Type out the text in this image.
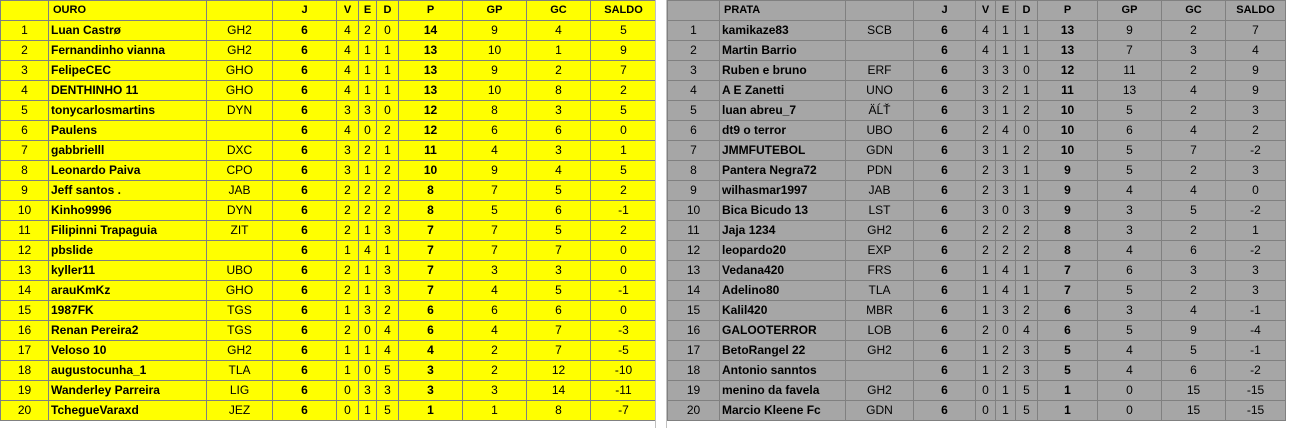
	OURO		J	V	E	D	P	GP	GC	SALDO
1	Luan Castrø	GH2	6	4	2	0	14	9	4	5
2	Fernandinho vianna	GH2	6	4	1	1	13	10	1	9
3	FelipeCEC	GHO	6	4	1	1	13	9	2	7
4	DENTHINHO 11	GHO	6	4	1	1	13	10	8	2
5	tonycarlosmartins	DYN	6	3	3	0	12	8	3	5
6	Paulens		6	4	0	2	12	6	6	0
7	gabbrielll	DXC	6	3	2	1	11	4	3	1
8	Leonardo Paiva	CPO	6	3	1	2	10	9	4	5
9	Jeff santos .	JAB	6	2	2	2	8	7	5	2
10	Kinho9996	DYN	6	2	2	2	8	5	6	-1
11	Filipinni Trapaguia	ZIT	6	2	1	3	7	7	5	2
12	pbslide		6	1	4	1	7	7	7	0
13	kyller11	UBO	6	2	1	3	7	3	3	0
14	arauKmKz	GHO	6	2	1	3	7	4	5	-1
15	1987FK	TGS	6	1	3	2	6	6	6	0
16	Renan Pereira2	TGS	6	2	0	4	6	4	7	-3
17	Veloso 10	GH2	6	1	1	4	4	2	7	-5
18	augustocunha_1	TLA	6	1	0	5	3	2	12	-10
19	Wanderley Parreira	LIG	6	0	3	3	3	3	14	-11
20	TcheguеVaraxd	JEZ	6	0	1	5	1	1	8	-7
	PRATA		J	V	E	D	P	GP	GC	SALDO
1	kamikaze83	SCB	6	4	1	1	13	9	2	7
2	Martin Barrio		6	4	1	1	13	7	3	4
3	Ruben e bruno	ERF	6	3	3	0	12	11	2	9
4	A E Zanetti	UNO	6	3	2	1	11	13	4	9
5	luan abreu_7	ÄĹŤ	6	3	1	2	10	5	2	3
6	dt9 o terror	UBO	6	2	4	0	10	6	4	2
7	JMMFUTEBOL	GDN	6	3	1	2	10	5	7	-2
8	Pantera Negra72	PDN	6	2	3	1	9	5	2	3
9	wilhasmar1997	JAB	6	2	3	1	9	4	4	0
10	Bica Bicudo 13	LST	6	3	0	3	9	3	5	-2
11	Jaja 1234	GH2	6	2	2	2	8	3	2	1
12	leopardo20	EXP	6	2	2	2	8	4	6	-2
13	Vedana420	FRS	6	1	4	1	7	6	3	3
14	Adelino80	TLA	6	1	4	1	7	5	2	3
15	Kalil420	MBR	6	1	3	2	6	3	4	-1
16	GALOOTERROR	LOB	6	2	0	4	6	5	9	-4
17	BetoRangel 22	GH2	6	1	2	3	5	4	5	-1
18	Antonio sanntos		6	1	2	3	5	4	6	-2
19	menino da favela	GH2	6	0	1	5	1	0	15	-15
20	Marcio Kleene Fc	GDN	6	0	1	5	1	0	15	-15
